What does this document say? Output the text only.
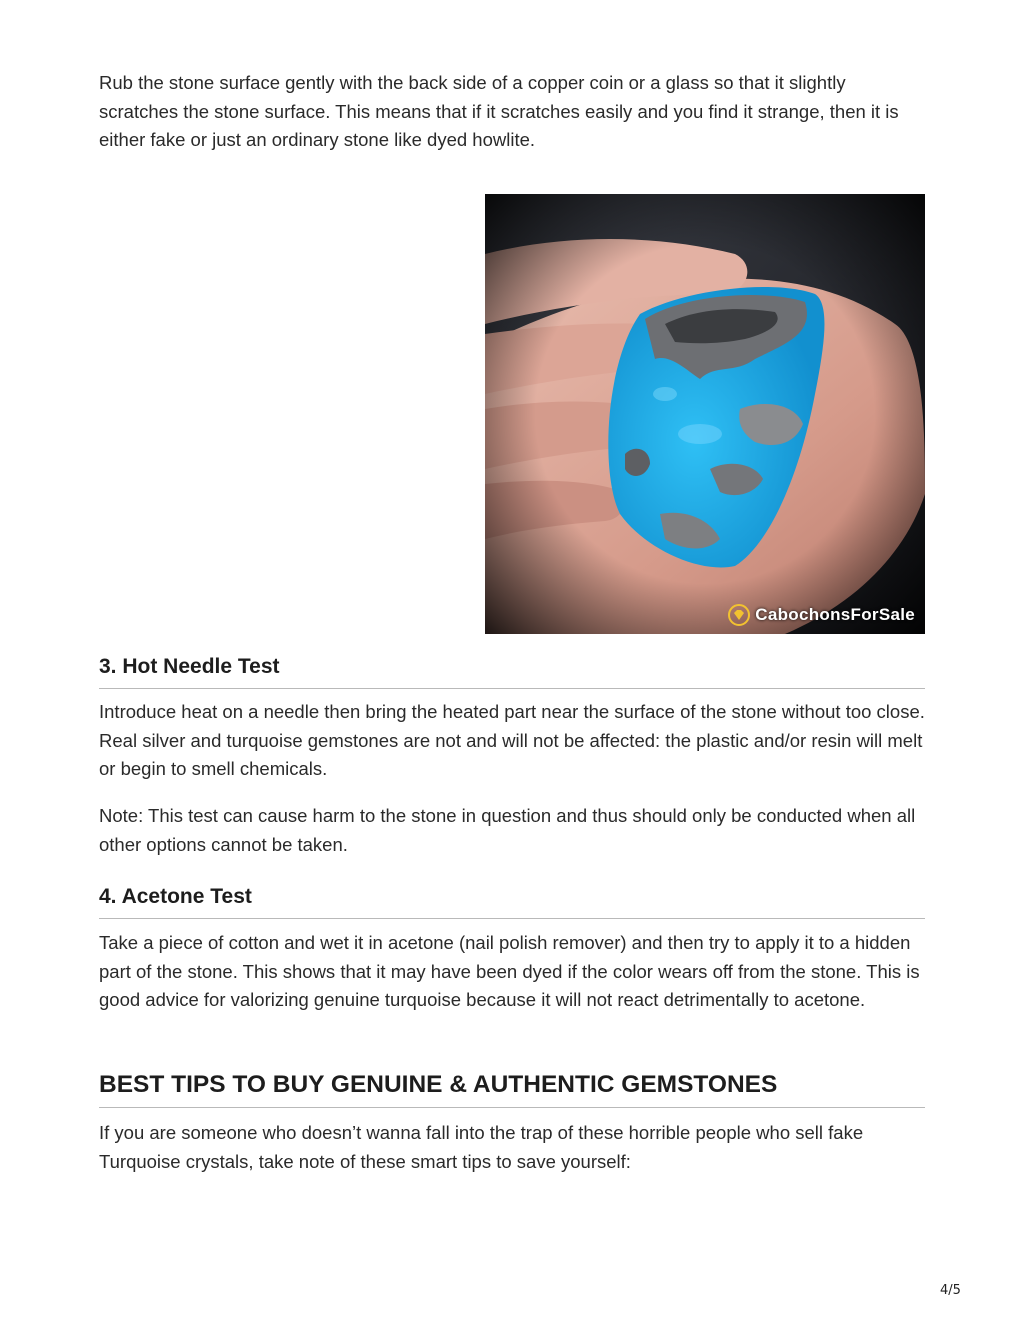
Rub the stone surface gently with the back side of a copper coin or a glass so that it slightly scratches the stone surface. This means that if it scratches easily and you find it strange, then it is either fake or just an ordinary stone like dyed howlite.

CabochonsForSale
3. Hot Needle Test

Introduce heat on a needle then bring the heated part near the surface of the stone without too close. Real silver and turquoise gemstones are not and will not be affected: the plastic and/or resin will melt or begin to smell chemicals.

Note: This test can cause harm to the stone in question and thus should only be conducted when all other options cannot be taken.

4. Acetone Test

Take a piece of cotton and wet it in acetone (nail polish remover) and then try to apply it to a hidden part of the stone. This shows that it may have been dyed if the color wears off from the stone. This is good advice for valorizing genuine turquoise because it will not react detrimentally to acetone.

BEST TIPS TO BUY GENUINE & AUTHENTIC GEMSTONES

If you are someone who doesn’t wanna fall into the trap of these horrible people who sell fake Turquoise crystals, take note of these smart tips to save yourself:

4/5
